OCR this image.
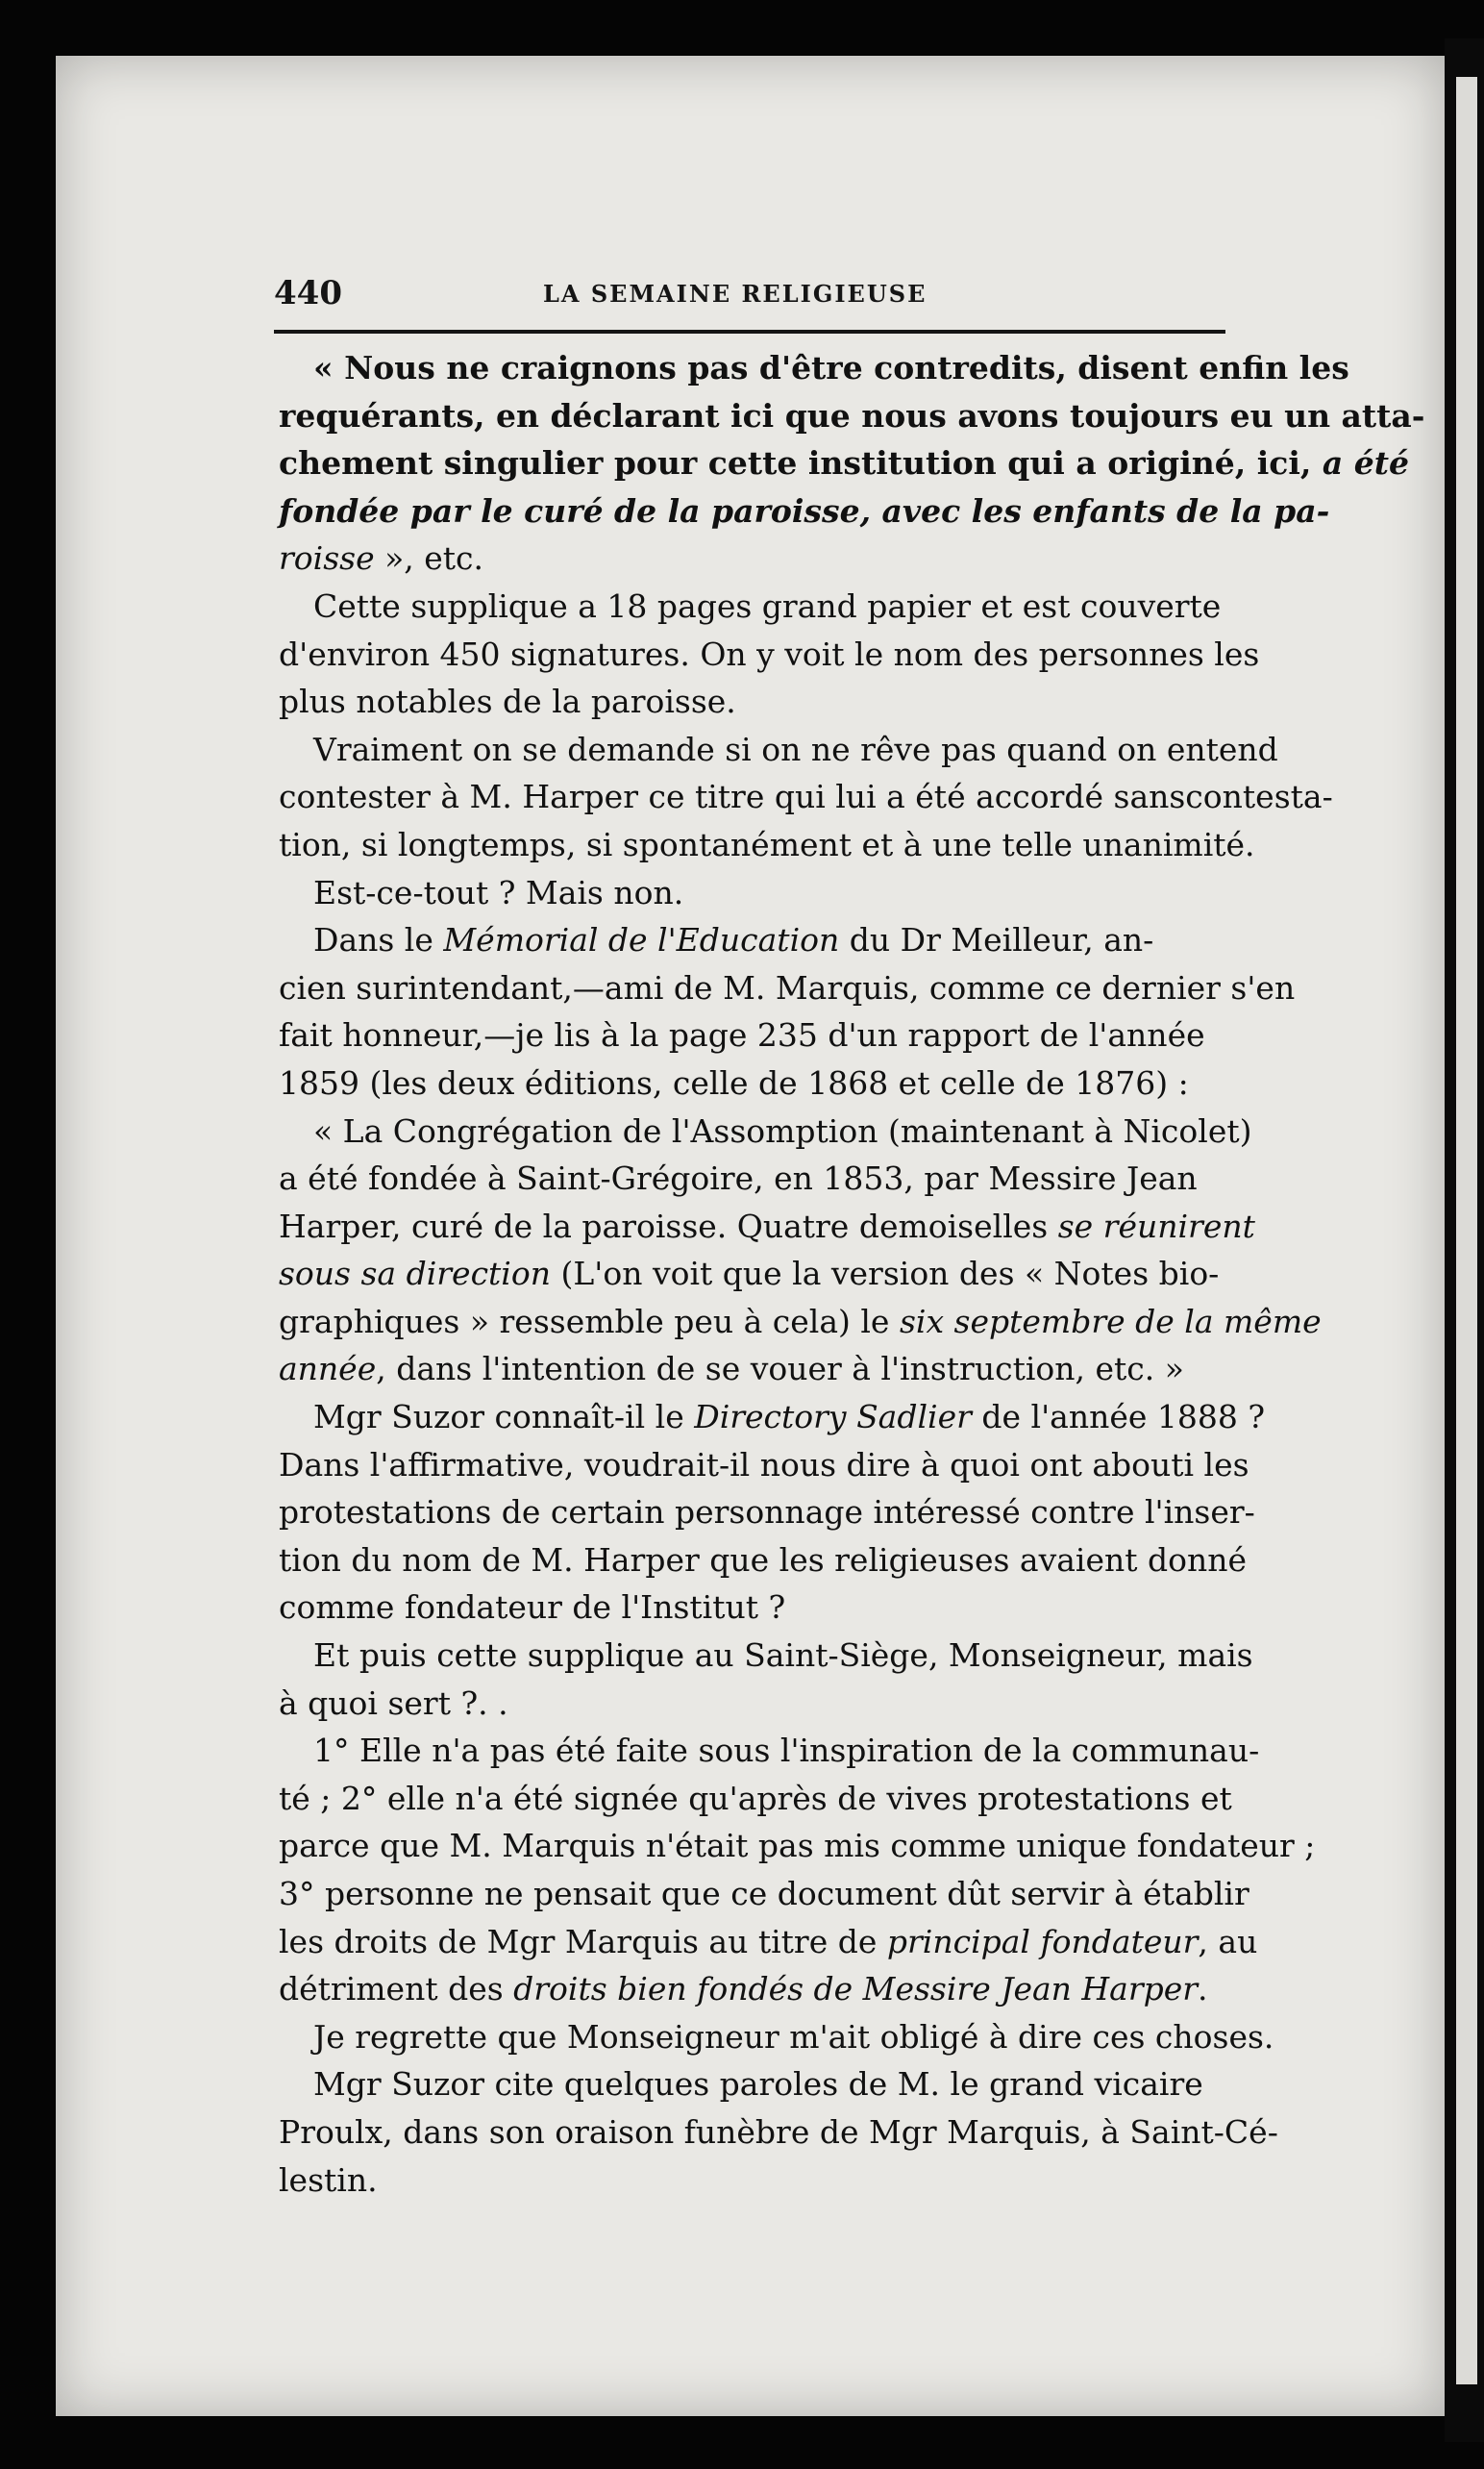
440	LA SEMAINE RELIGIEUSE
« Nous ne craignons pas d'être contredits, disent enfin les
requérants, en déclarant ici que nous avons toujours eu un atta-
chement singulier pour cette institution qui a originé, ici, a été
fondée par le curé de la paroisse, avec les enfants de la pa-
roisse », etc.
Cette supplique a 18 pages grand papier et est couverte
d'environ 450 signatures. On y voit le nom des personnes les
plus notables de la paroisse.
Vraiment on se demande si on ne rêve pas quand on entend
contester à M. Harper ce titre qui lui a été accordé sanscontesta-
tion, si longtemps, si spontanément et à une telle unanimité.
Est-ce-tout ? Mais non.
Dans le Mémorial de l'Education du Dr Meilleur, an-
cien surintendant,—ami de M. Marquis, comme ce dernier s'en
fait honneur,—je lis à la page 235 d'un rapport de l'année
1859 (les deux éditions, celle de 1868 et celle de 1876) :
« La Congrégation de l'Assomption (maintenant à Nicolet)
a été fondée à Saint-Grégoire, en 1853, par Messire Jean
Harper, curé de la paroisse. Quatre demoiselles se réunirent
sous sa direction (L'on voit que la version des « Notes bio-
graphiques » ressemble peu à cela) le six septembre de la même
année, dans l'intention de se vouer à l'instruction, etc. »
Mgr Suzor connaît-il le Directory Sadlier de l'année 1888 ?
Dans l'affirmative, voudrait-il nous dire à quoi ont abouti les
protestations de certain personnage intéressé contre l'inser-
tion du nom de M. Harper que les religieuses avaient donné
comme fondateur de l'Institut ?
Et puis cette supplique au Saint-Siège, Monseigneur, mais
à quoi sert ?. .
1° Elle n'a pas été faite sous l'inspiration de la communau-
té ; 2° elle n'a été signée qu'après de vives protestations et
parce que M. Marquis n'était pas mis comme unique fondateur ;
3° personne ne pensait que ce document dût servir à établir
les droits de Mgr Marquis au titre de principal fondateur, au
détriment des droits bien fondés de Messire Jean Harper.
Je regrette que Monseigneur m'ait obligé à dire ces choses.
Mgr Suzor cite quelques paroles de M. le grand vicaire
Proulx, dans son oraison funèbre de Mgr Marquis, à Saint-Cé-
lestin.
